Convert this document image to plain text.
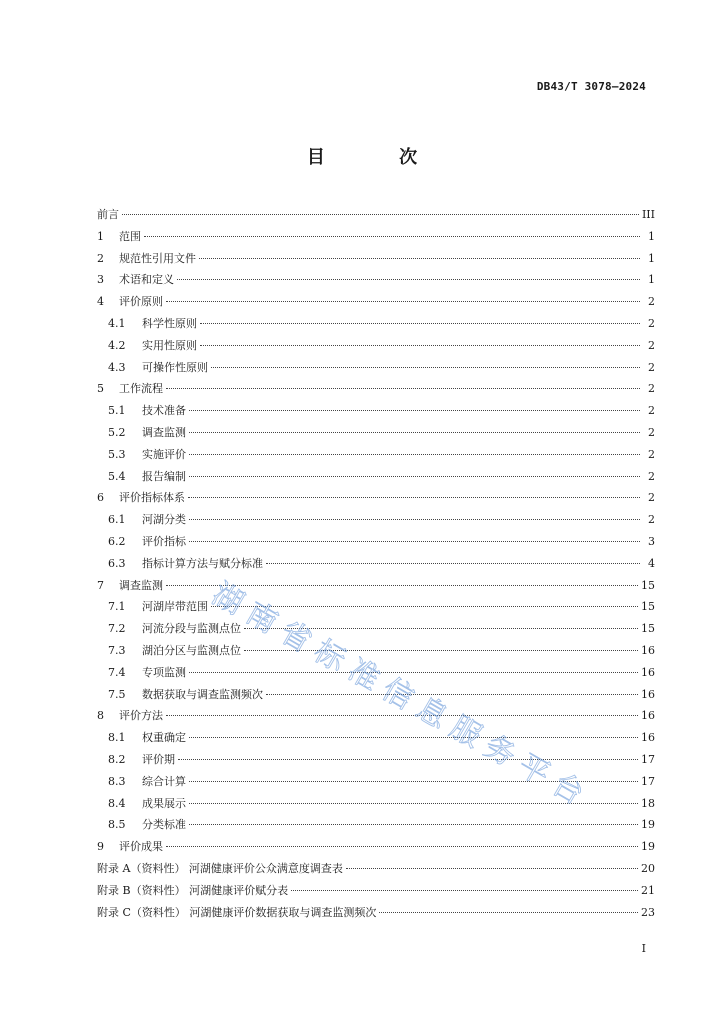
DB43/T 3078—2024
目 次
前言	III
1	范围	1
2	规范性引用文件	1
3	术语和定义	1
4	评价原则	2
4.1	科学性原则	2
4.2	实用性原则	2
4.3	可操作性原则	2
5	工作流程	2
5.1	技术准备	2
5.2	调查监测	2
5.3	实施评价	2
5.4	报告编制	2
6	评价指标体系	2
6.1	河湖分类	2
6.2	评价指标	3
6.3	指标计算方法与赋分标准	4
7	调查监测	15
7.1	河湖岸带范围	15
7.2	河流分段与监测点位	15
7.3	湖泊分区与监测点位	16
7.4	专项监测	16
7.5	数据获取与调查监测频次	16
8	评价方法	16
8.1	权重确定	16
8.2	评价期	17
8.3	综合计算	17
8.4	成果展示	18
8.5	分类标准	19
9	评价成果	19
附录 A（资料性） 河湖健康评价公众满意度调查表	20
附录 B（资料性） 河湖健康评价赋分表	21
附录 C（资料性） 河湖健康评价数据获取与调查监测频次	23
湖
南
省
标
准
信
息
服
务
平
台
I
